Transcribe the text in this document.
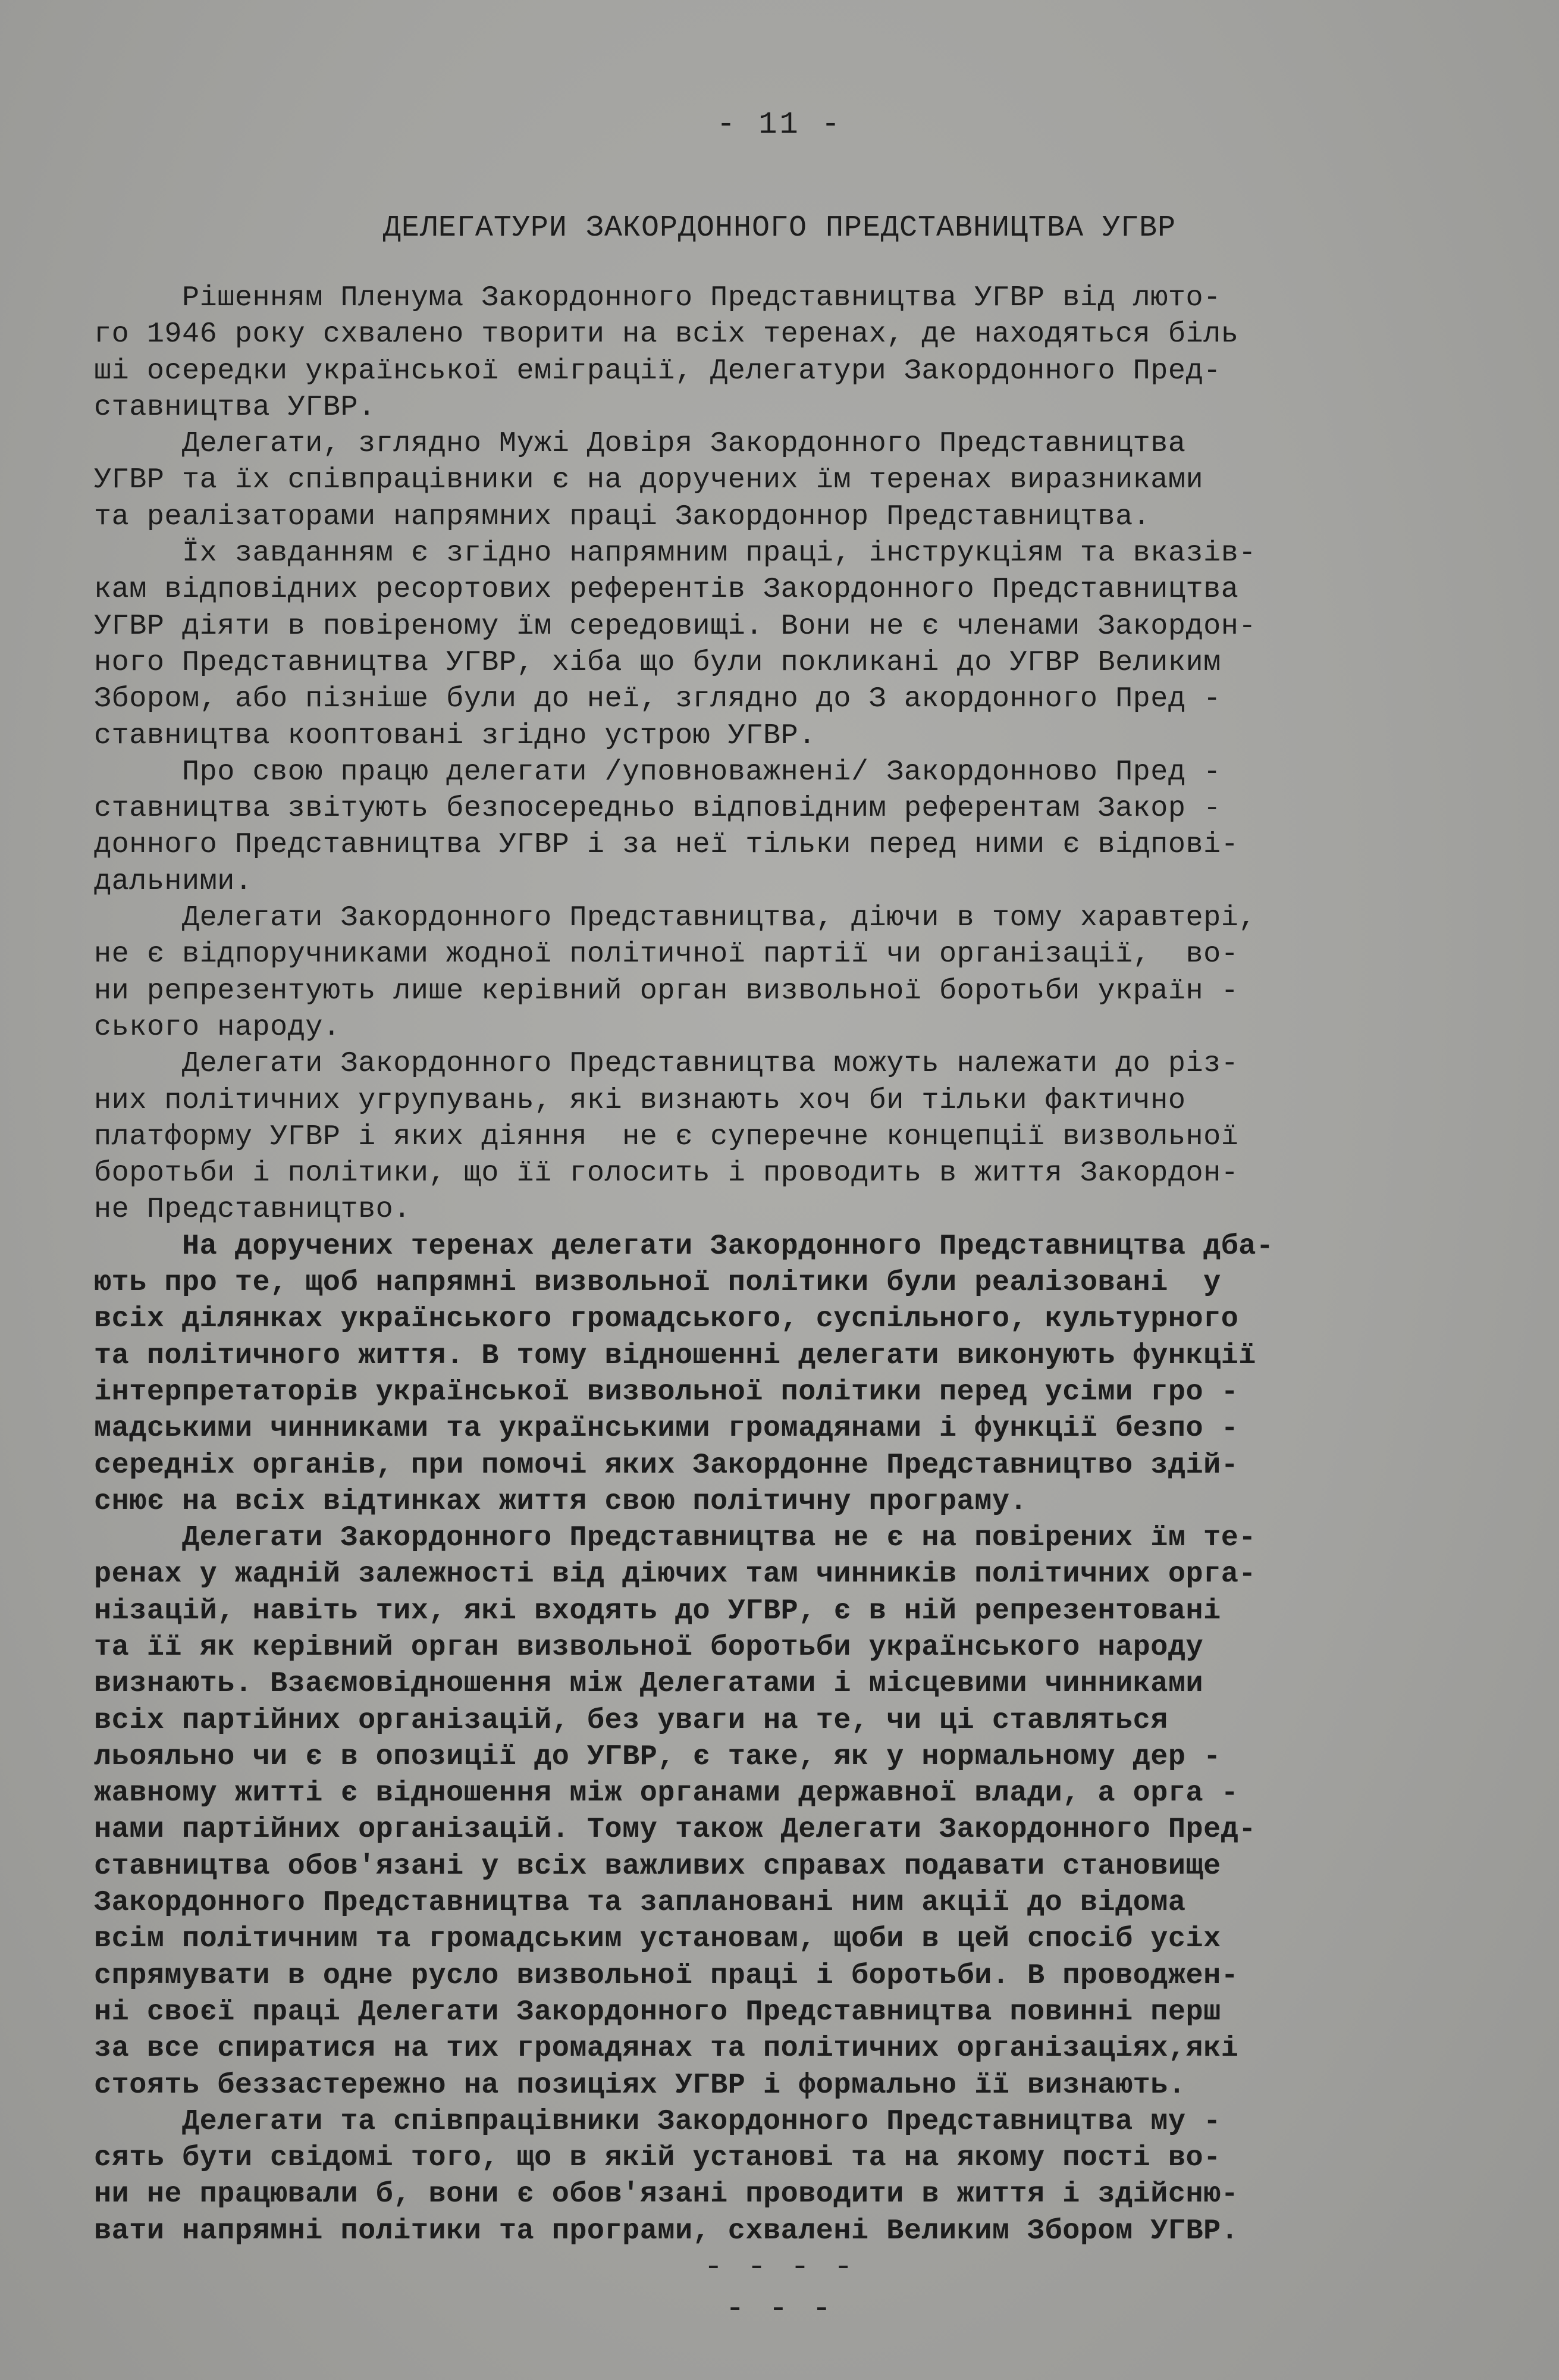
- 11 -
ДЕЛЕГАТУРИ ЗАКОРДОННОГО ПРЕДСТАВНИЦТВА УГВР
Рішенням Пленума Закордонного Представництва УГВР від люто-
го 1946 року схвалено творити на всіх теренах, де находяться біль
ші осередки української еміграції, Делегатури Закордонного Пред-
ставництва УГВР.
Делегати, зглядно Мужі Довіря Закордонного Представництва
УГВР та їх співпрацівники є на доручених їм теренах виразниками
та реалізаторами напрямних праці Закордоннор Представництва.
Їх завданням є згідно напрямним праці, інструкціям та вказів-
кам відповідних ресортових референтів Закордонного Представництва
УГВР діяти в повіреному їм середовищі. Вони не є членами Закордон-
ного Представництва УГВР, хіба що були покликані до УГВР Великим
Збором, або пізніше були до неї, зглядно до З акордонного Пред -
ставництва кооптовані згідно устрою УГВР.
Про свою працю делегати /уповноважнені/ Закордонново Пред -
ставництва звітують безпосередньо відповідним референтам Закор -
донного Представництва УГВР і за неї тільки перед ними є відпові-
дальними.
Делегати Закордонного Представництва, діючи в тому харавтері,
не є відпоручниками жодної політичної партії чи організації,  во-
ни репрезентують лише керівний орган визвольної боротьби україн -
ського народу.
Делегати Закордонного Представництва можуть належати до різ-
них політичних угрупувань, які визнають хоч би тільки фактично
платформу УГВР і яких діяння  не є суперечне концепції визвольної
боротьби і політики, що її голосить і проводить в життя Закордон-
не Представництво.
На доручених теренах делегати Закордонного Представництва дба-
ють про те, щоб напрямні визвольної політики були реалізовані  у
всіх ділянках українського громадського, суспільного, культурного
та політичного життя. В тому відношенні делегати виконують функції
інтерпретаторів української визвольної політики перед усіми гро -
мадськими чинниками та українськими громадянами і функції безпо -
середніх органів, при помочі яких Закордонне Представництво здій-
снює на всіх відтинках життя свою політичну програму.
Делегати Закордонного Представництва не є на повірених їм те-
ренах у жадній залежності від діючих там чинників політичних орга-
нізацій, навіть тих, які входять до УГВР, є в ній репрезентовані
та її як керівний орган визвольної боротьби українського народу
визнають. Взаємовідношення між Делегатами і місцевими чинниками
всіх партійних організацій, без уваги на те, чи ці ставляться
льояльно чи є в опозиції до УГВР, є таке, як у нормальному дер -
жавному житті є відношення між органами державної влади, а орга -
нами партійних організацій. Тому також Делегати Закордонного Пред-
ставництва обов'язані у всіх важливих справах подавати становище
Закордонного Представництва та заплановані ним акції до відома
всім політичним та громадським установам, щоби в цей спосіб усіх
спрямувати в одне русло визвольної праці і боротьби. В проводжен-
ні своєї праці Делегати Закордонного Представництва повинні перш
за все спиратися на тих громадянах та політичних організаціях,які
стоять беззастережно на позиціях УГВР і формально її визнають.
Делегати та співпрацівники Закордонного Представництва му -
сять бути свідомі того, що в якій установі та на якому пості во-
ни не працювали б, вони є обов'язані проводити в життя і здійсню-
вати напрямні політики та програми, схвалені Великим Збором УГВР.
- - - -
- - -
